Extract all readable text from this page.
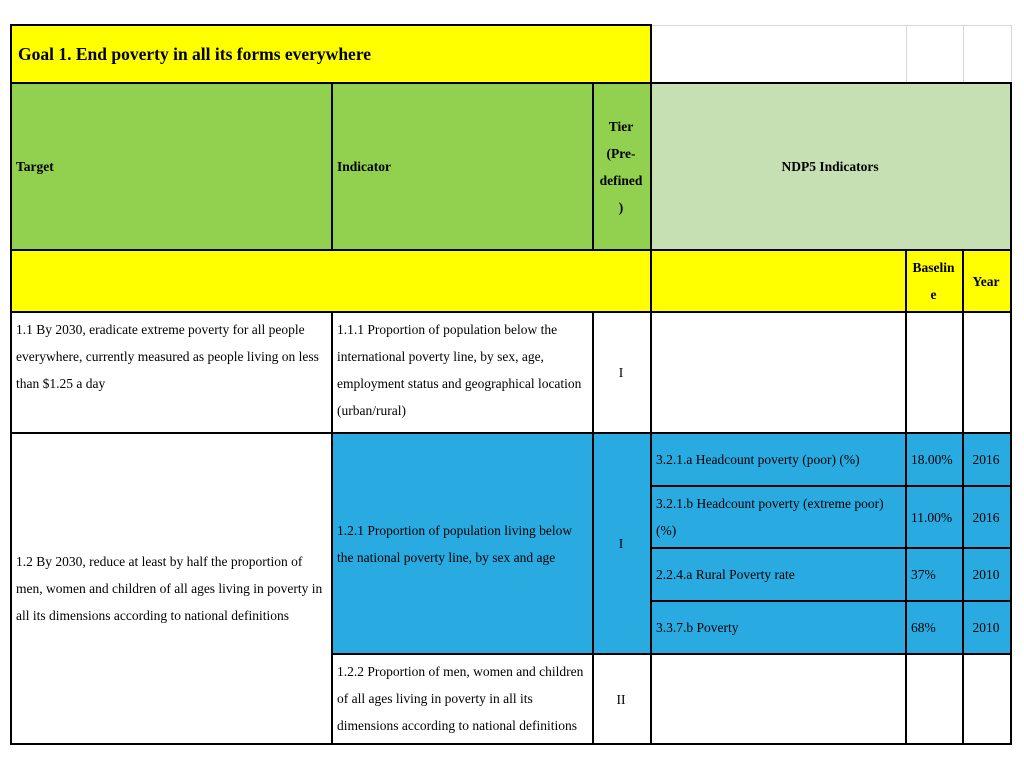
Goal 1. End poverty in all its forms everywhere					
Target	Indicator	Tier (Pre-defined)	NDP5 Indicators		
				Baseline	Year
1.1 By 2030, eradicate extreme poverty for all people everywhere, currently measured as people living on less than $1.25 a day	1.1.1 Proportion of population below the international poverty line, by sex, age, employment status and geographical location (urban/rural)	I			
1.2 By 2030, reduce at least by half the proportion of men, women and children of all ages living in poverty in all its dimensions according to national definitions	1.2.1 Proportion of population living below the national poverty line, by sex and age	I	3.2.1.a Headcount poverty (poor) (%)	18.00%	2016
			3.2.1.b Headcount poverty (extreme poor) (%)	11.00%	2016
			2.2.4.a Rural Poverty rate	37%	2010
			3.3.7.b Poverty	68%	2010
	1.2.2 Proportion of men, women and children of all ages living in poverty in all its dimensions according to national definitions	II			
